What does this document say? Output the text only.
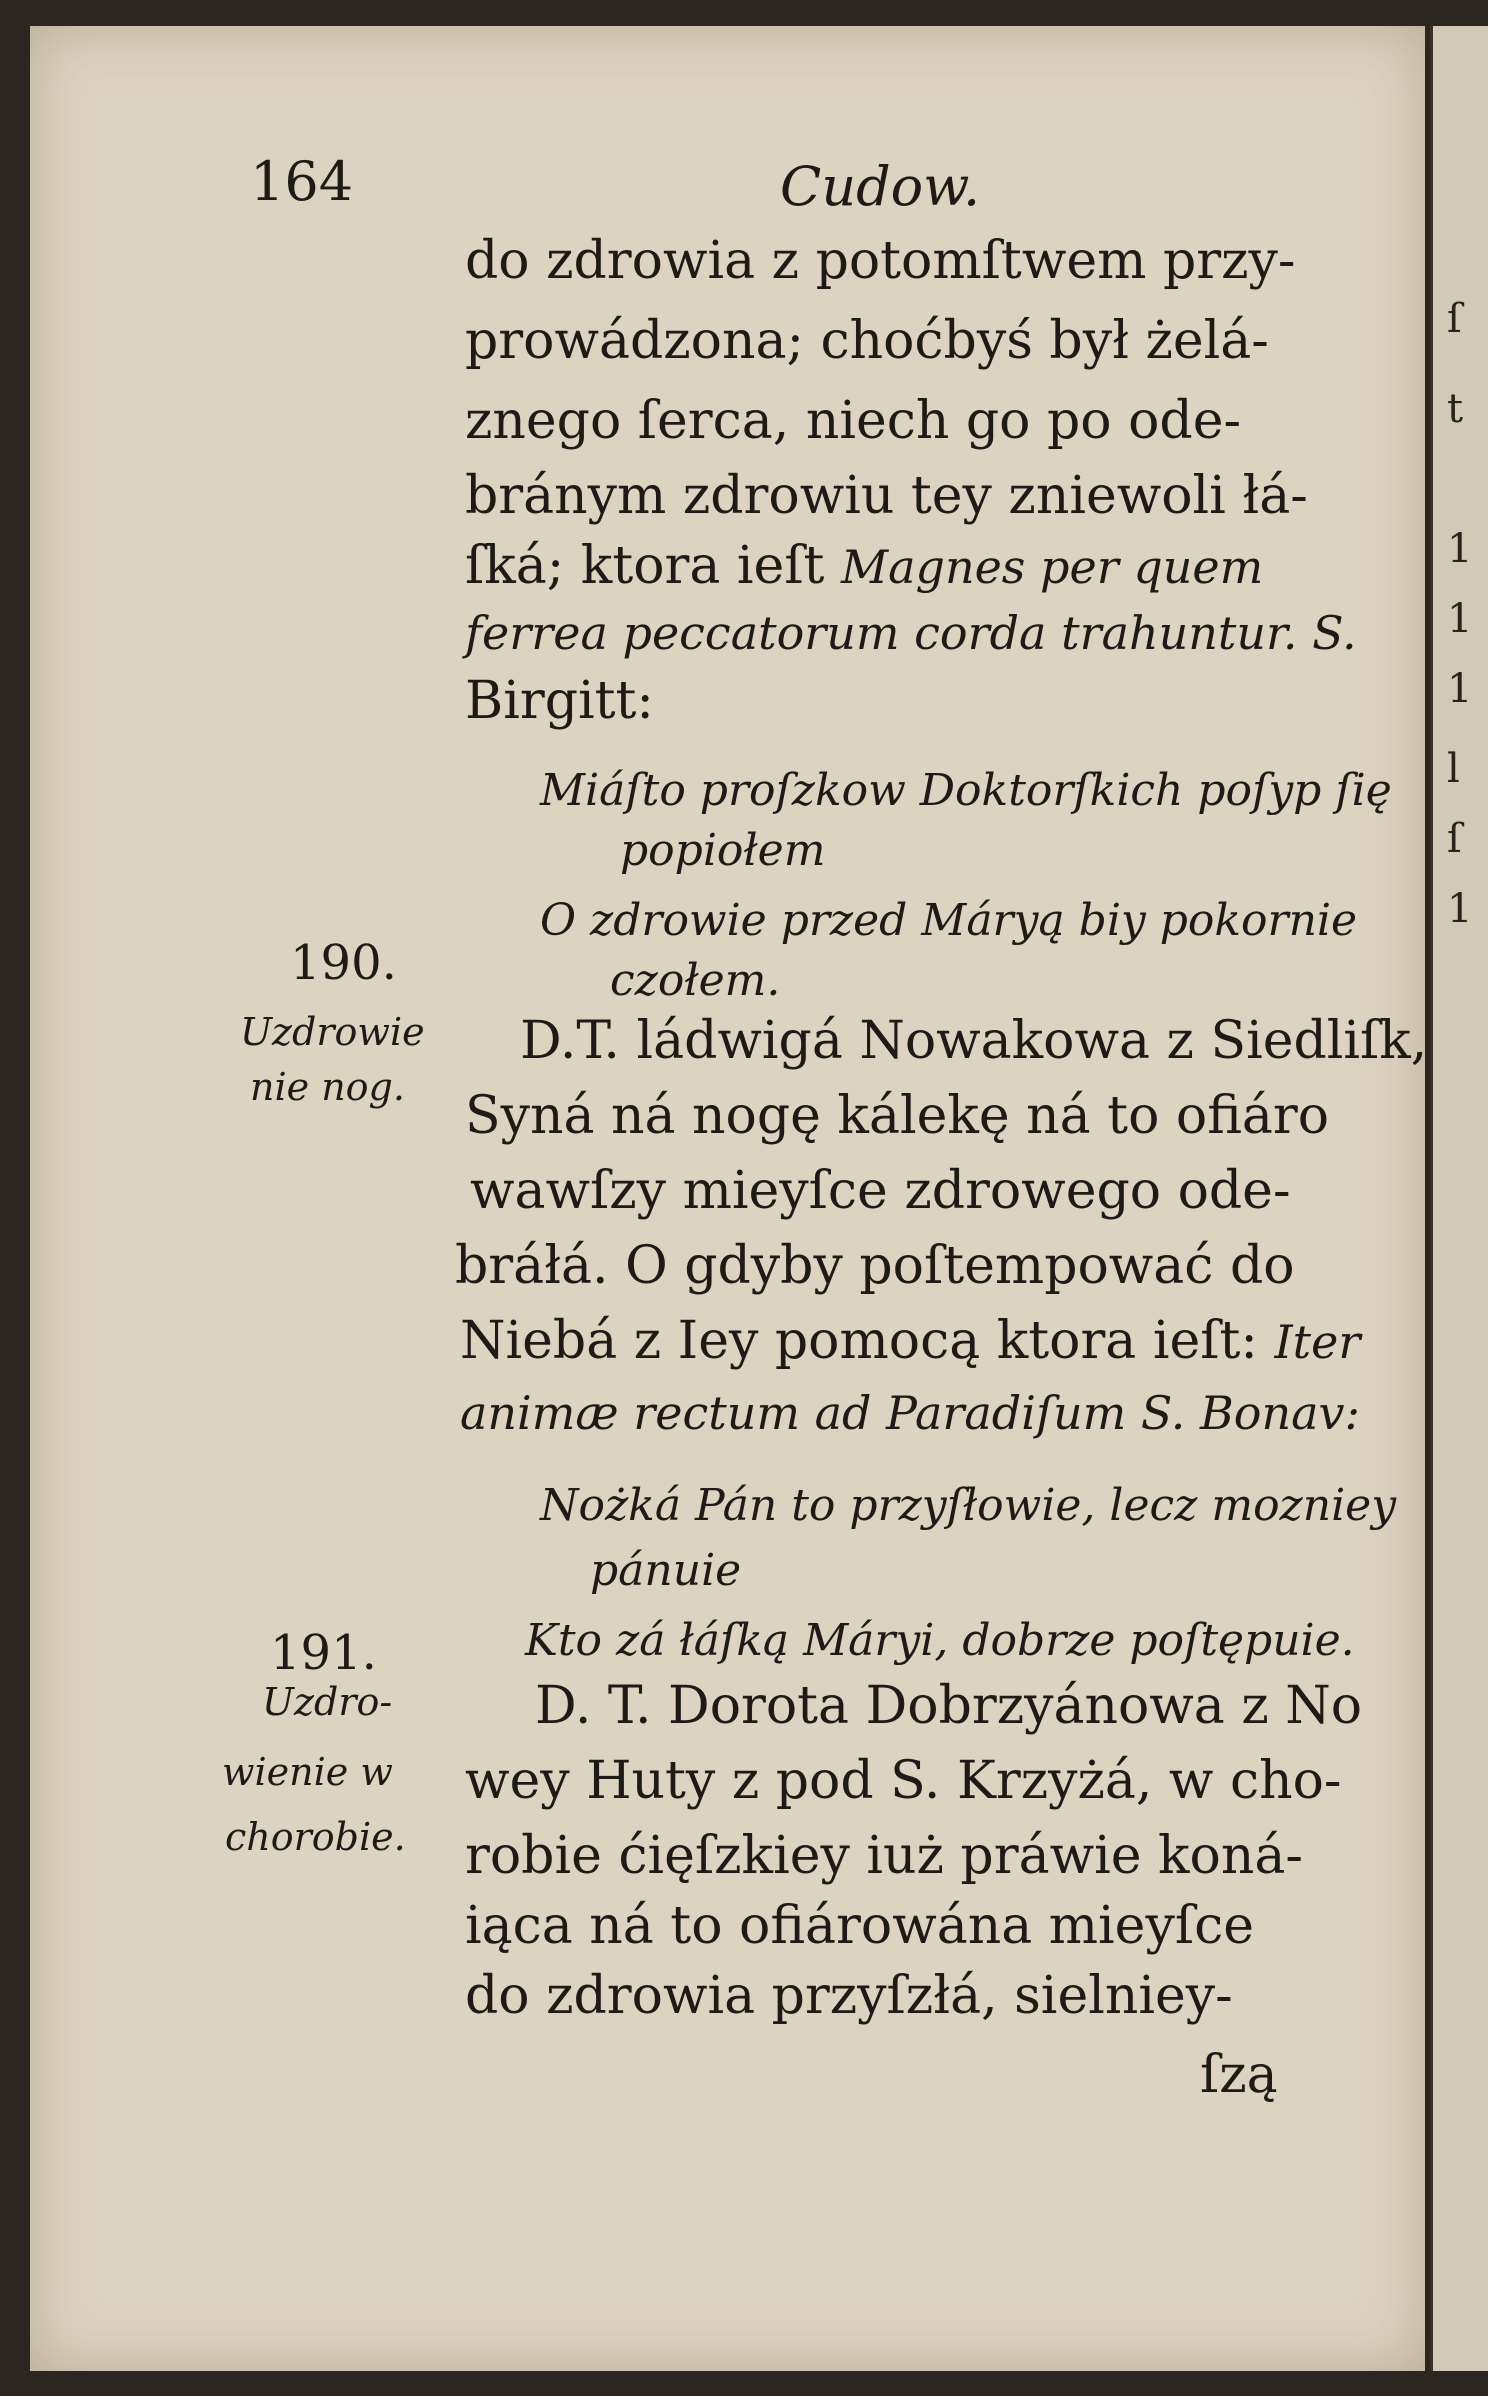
ſ
t
1
1
1
l
ſ
1
164	Cudow.
do zdrowia z potomſtwem przy-
prowádzona; choćbyś był żelá-
znego ſerca, niech go po ode-
bránym zdrowiu tey zniewoli łá-
ſká; ktora ieſt Magnes per quem
ferrea peccatorum corda trahuntur. S.
Birgitt:
Miáſto proſzkow Doktorſkich poſyp ſię
popiołem
O zdrowie przed Máryą biy pokornie
czołem.
190.
Uzdrowie
nie nog.
D.T. ládwigá Nowakowa z Siedliſk,
Syná ná nogę kálekę ná to ofiáro
wawſzy mieyſce zdrowego ode-
bráłá. O gdyby poſtempować do
Niebá z Iey pomocą ktora ieſt: Iter
animæ rectum ad Paradiſum S. Bonav:
Nożká Pán to przyſłowie, lecz mozniey
pánuie
Kto zá łáſką Máryi, dobrze poſtępuie.
191.
Uzdro-
wienie w
chorobie.
D. T. Dorota Dobrzyánowa z No
wey Huty z pod S. Krzyżá, w cho-
robie ćięſzkiey iuż práwie koná-
iąca ná to ofiárowána mieyſce
do zdrowia przyſzłá, sielniey-
ſzą
